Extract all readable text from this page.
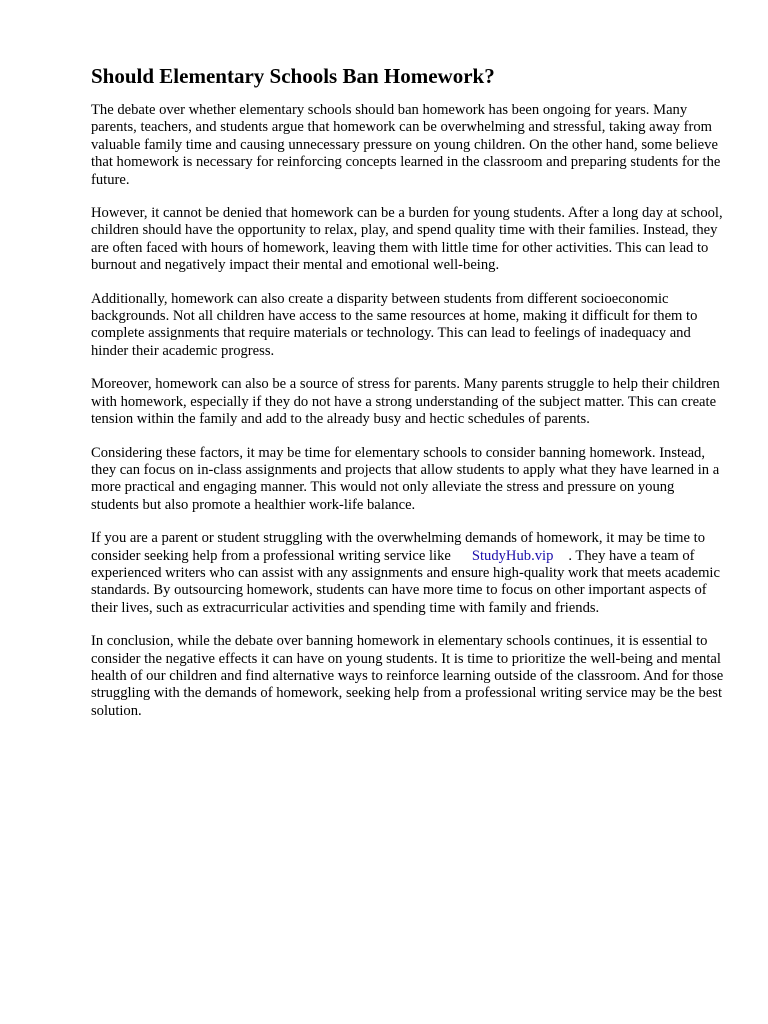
Should Elementary Schools Ban Homework?

The debate over whether elementary schools should ban homework has been ongoing for years. Many parents, teachers, and students argue that homework can be overwhelming and stressful, taking away from valuable family time and causing unnecessary pressure on young children. On the other hand, some believe that homework is necessary for reinforcing concepts learned in the classroom and preparing students for the future.

However, it cannot be denied that homework can be a burden for young students. After a long day at school, children should have the opportunity to relax, play, and spend quality time with their families. Instead, they are often faced with hours of homework, leaving them with little time for other activities. This can lead to burnout and negatively impact their mental and emotional well-being.

Additionally, homework can also create a disparity between students from different socioeconomic backgrounds. Not all children have access to the same resources at home, making it difficult for them to complete assignments that require materials or technology. This can lead to feelings of inadequacy and hinder their academic progress.

Moreover, homework can also be a source of stress for parents. Many parents struggle to help their children with homework, especially if they do not have a strong understanding of the subject matter. This can create tension within the family and add to the already busy and hectic schedules of parents.

Considering these factors, it may be time for elementary schools to consider banning homework. Instead, they can focus on in-class assignments and projects that allow students to apply what they have learned in a more practical and engaging manner. This would not only alleviate the stress and pressure on young students but also promote a healthier work-life balance.

If you are a parent or student struggling with the overwhelming demands of homework, it may be time to consider seeking help from a professional writing service like StudyHub.vip . They have a team of experienced writers who can assist with any assignments and ensure high-quality work that meets academic standards. By outsourcing homework, students can have more time to focus on other important aspects of their lives, such as extracurricular activities and spending time with family and friends.

In conclusion, while the debate over banning homework in elementary schools continues, it is essential to consider the negative effects it can have on young students. It is time to prioritize the well-being and mental health of our children and find alternative ways to reinforce learning outside of the classroom. And for those struggling with the demands of homework, seeking help from a professional writing service may be the best solution.
